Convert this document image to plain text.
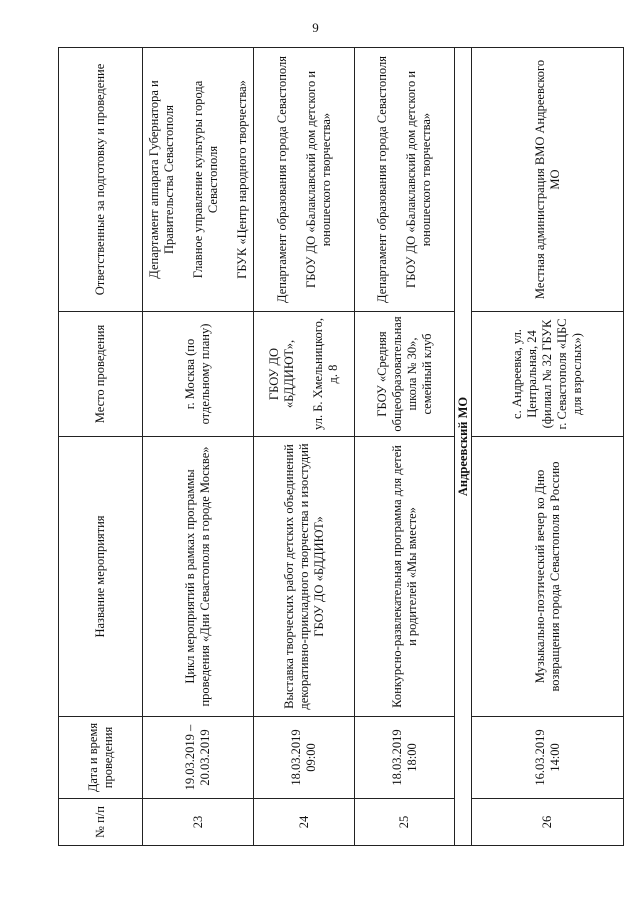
9
№ п/п	Дата и время проведения	Название мероприятия	Место проведения	Ответственные за подготовку и проведение
23	19.03.2019 – 20.03.2019	Цикл мероприятий в рамках программы проведения «Дни Севастополя в городе Москве»	г. Москва (по отдельному плану)	Департамент аппарата Губернатора и Правительства Севастополя Главное управление культуры города Севастополя ГБУК «Центр народного творчества»

24	18.03.2019 09:00	Выставка творческих работ детских объединений декоративно-прикладного творчества и изостудий ГБОУ ДО «БДДИЮТ»	ГБОУ ДО «БДДИЮТ», ул. Б. Хмельницкого, д. 8	Департамент образования города Севастополя ГБОУ ДО «Балаклавский дом детского и юношеского творчества»

25	18.03.2019 18:00	Конкурсно-развлекательная программа для детей и родителей «Мы вместе»	ГБОУ «Средняя общеобразовательная школа № 30», семейный клуб	Департамент образования города Севастополя ГБОУ ДО «Балаклавский дом детского и юношеского творчества»

Андреевский МО				
26	16.03.2019 14:00	Музыкально-поэтический вечер ко Дню возвращения города Севастополя в Россию	с. Андреевка, ул. Центральная, 24 (филиал № 32 ГБУК г. Севастополя «ЦБС для взрослых»)	Местная администрация ВМО Андреевского МО
